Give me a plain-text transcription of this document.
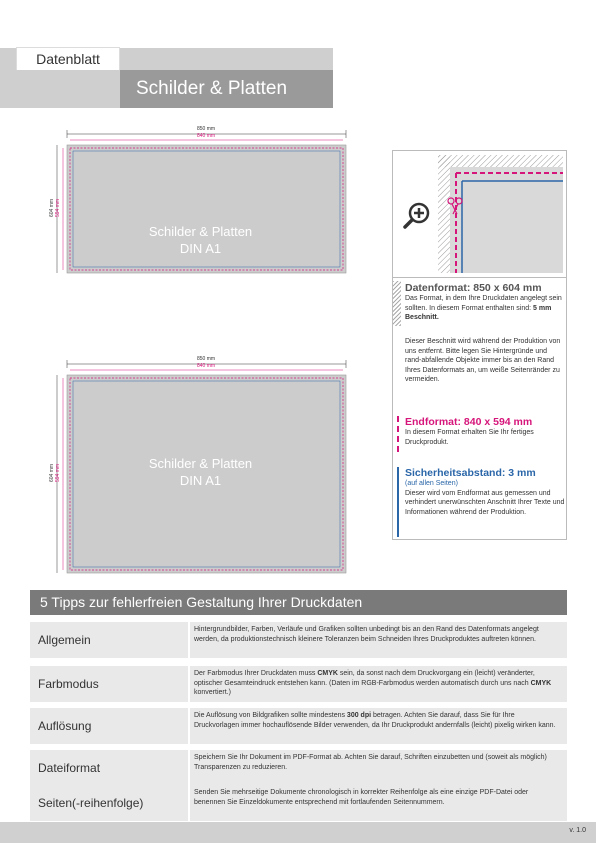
Datenblatt
Schilder & Platten
850 mm
840 mm
604 mm 594 mm
Schilder & Platten
DIN A1
850 mm
840 mm
604 mm 594 mm
Schilder & Platten
DIN A1
Datenformat: 850 x 604 mm

Das Format, in dem Ihre Druckdaten angelegt sein sollten. In diesem Format enthalten sind: 5 mm Beschnitt.

Dieser Beschnitt wird während der Produktion von uns entfernt. Bitte legen Sie Hintergründe und rand-abfallende Objekte immer bis an den Rand Ihres Datenformats an, um weiße Seitenränder zu vermeiden.

Endformat: 840 x 594 mm

In diesem Format erhalten Sie Ihr fertiges Druckprodukt.

Sicherheitsabstand: 3 mm
(auf allen Seiten)

Dieser wird vom Endformat aus gemessen und verhindert unerwünschten Anschnitt Ihrer Texte und Informationen während der Produktion.

5 Tipps zur fehlerfreien Gestaltung Ihrer Druckdaten
Allgemein
Hintergrundbilder, Farben, Verläufe und Grafiken sollten unbedingt bis an den Rand des Datenformats angelegt werden, da produktionstechnisch kleinere Toleranzen beim Schneiden Ihres Druckproduktes auftreten können.
Farbmodus
Der Farbmodus Ihrer Druckdaten muss CMYK sein, da sonst nach dem Druckvorgang ein (leicht) veränderter, optischer Gesamteindruck entstehen kann. (Daten im RGB-Farbmodus werden automatisch durch uns nach CMYK konvertiert.)
Auflösung
Die Auflösung von Bildgrafiken sollte mindestens 300 dpi betragen. Achten Sie darauf, dass Sie für Ihre Druckvorlagen immer hochauflösende Bilder verwenden, da Ihr Druckprodukt andernfalls (leicht) pixelig wirken kann.
Dateiformat
Speichern Sie Ihr Dokument im PDF-Format ab. Achten Sie darauf, Schriften einzubetten und (soweit als möglich) Transparenzen zu reduzieren.
Seiten(-reihenfolge)
Senden Sie mehrseitige Dokumente chronologisch in korrekter Reihenfolge als eine einzige PDF-Datei oder benennen Sie Einzeldokumente entsprechend mit fortlaufenden Seitennummern.
v. 1.0
